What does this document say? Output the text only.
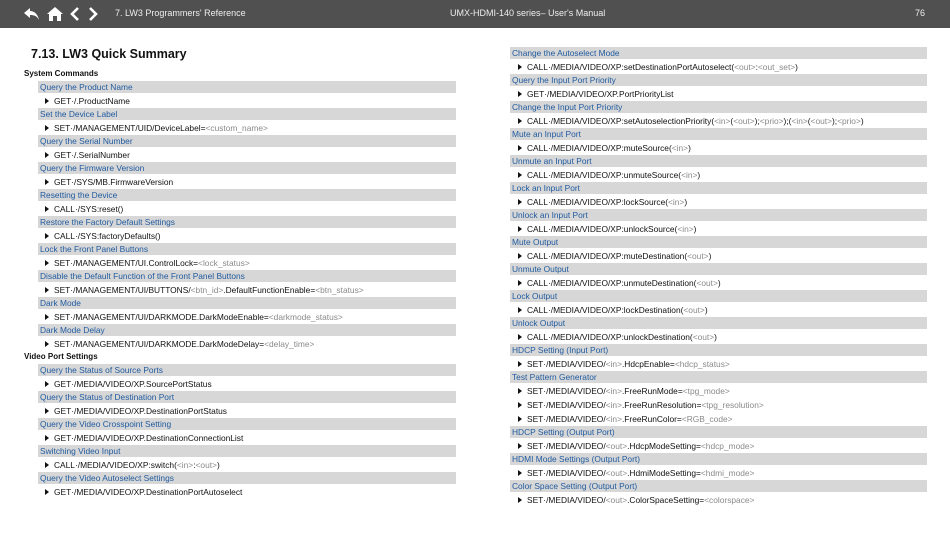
7. LW3 Programmers' Reference	UMX-HDMI-140 series– User's Manual	76
7.13. LW3 Quick Summary
System Commands
Query the Product Name
GET·/.ProductName
Set the Device Label
SET·/MANAGEMENT/UID/DeviceLabel= <custom_name>
Query the Serial Number
GET·/.SerialNumber
Query the Firmware Version
GET·/SYS/MB.FirmwareVersion
Resetting the Device
CALL·/SYS:reset()
Restore the Factory Default Settings
CALL·/SYS:factoryDefaults()
Lock the Front Panel Buttons
SET·/MANAGEMENT/UI.ControlLock= <lock_status>
Disable the Default Function of the Front Panel Buttons
SET·/MANAGEMENT/UI/BUTTONS/ <btn_id> .DefaultFunctionEnable= <btn_status>
Dark Mode
SET·/MANAGEMENT/UI/DARKMODE.DarkModeEnable= <darkmode_status>
Dark Mode Delay
SET·/MANAGEMENT/UI/DARKMODE.DarkModeDelay= <delay_time>
Video Port Settings
Query the Status of Source Ports
GET·/MEDIA/VIDEO/XP.SourcePortStatus
Query the Status of Destination Port
GET·/MEDIA/VIDEO/XP.DestinationPortStatus
Query the Video Crosspoint Setting
GET·/MEDIA/VIDEO/XP.DestinationConnectionList
Switching Video Input
CALL·/MEDIA/VIDEO/XP:switch( <in> : <out> )
Query the Video Autoselect Settings
GET·/MEDIA/VIDEO/XP.DestinationPortAutoselect
Change the Autoselect Mode
CALL·/MEDIA/VIDEO/XP:setDestinationPortAutoselect( <out> : <out_set> )
Query the Input Port Priority
GET·/MEDIA/VIDEO/XP.PortPriorityList
Change the Input Port Priority
CALL·/MEDIA/VIDEO/XP:setAutoselectionPriority( <in> ( <out> ); <prio> );( <in> ( <out> ); <prio> )
Mute an Input Port
CALL·/MEDIA/VIDEO/XP:muteSource( <in> )
Unmute an Input Port
CALL·/MEDIA/VIDEO/XP:unmuteSource( <in> )
Lock an Input Port
CALL·/MEDIA/VIDEO/XP:lockSource( <in> )
Unlock an Input Port
CALL·/MEDIA/VIDEO/XP:unlockSource( <in> )
Mute Output
CALL·/MEDIA/VIDEO/XP:muteDestination( <out> )
Unmute Output
CALL·/MEDIA/VIDEO/XP:unmuteDestination( <out> )
Lock Output
CALL·/MEDIA/VIDEO/XP:lockDestination( <out> )
Unlock Output
CALL·/MEDIA/VIDEO/XP:unlockDestination( <out> )
HDCP Setting (Input Port)
SET·/MEDIA/VIDEO/ <in> .HdcpEnable= <hdcp_status>
Test Pattern Generator
SET·/MEDIA/VIDEO/ <in> .FreeRunMode= <tpg_mode>
SET·/MEDIA/VIDEO/ <in> .FreeRunResolution= <tpg_resolution>
SET·/MEDIA/VIDEO/ <in> .FreeRunColor= <RGB_code>
HDCP Setting (Output Port)
SET·/MEDIA/VIDEO/ <out> .HdcpModeSetting= <hdcp_mode>
HDMI Mode Settings (Output Port)
SET·/MEDIA/VIDEO/ <out> .HdmiModeSetting= <hdmi_mode>
Color Space Setting (Output Port)
SET·/MEDIA/VIDEO/ <out> .ColorSpaceSetting= <colorspace>
